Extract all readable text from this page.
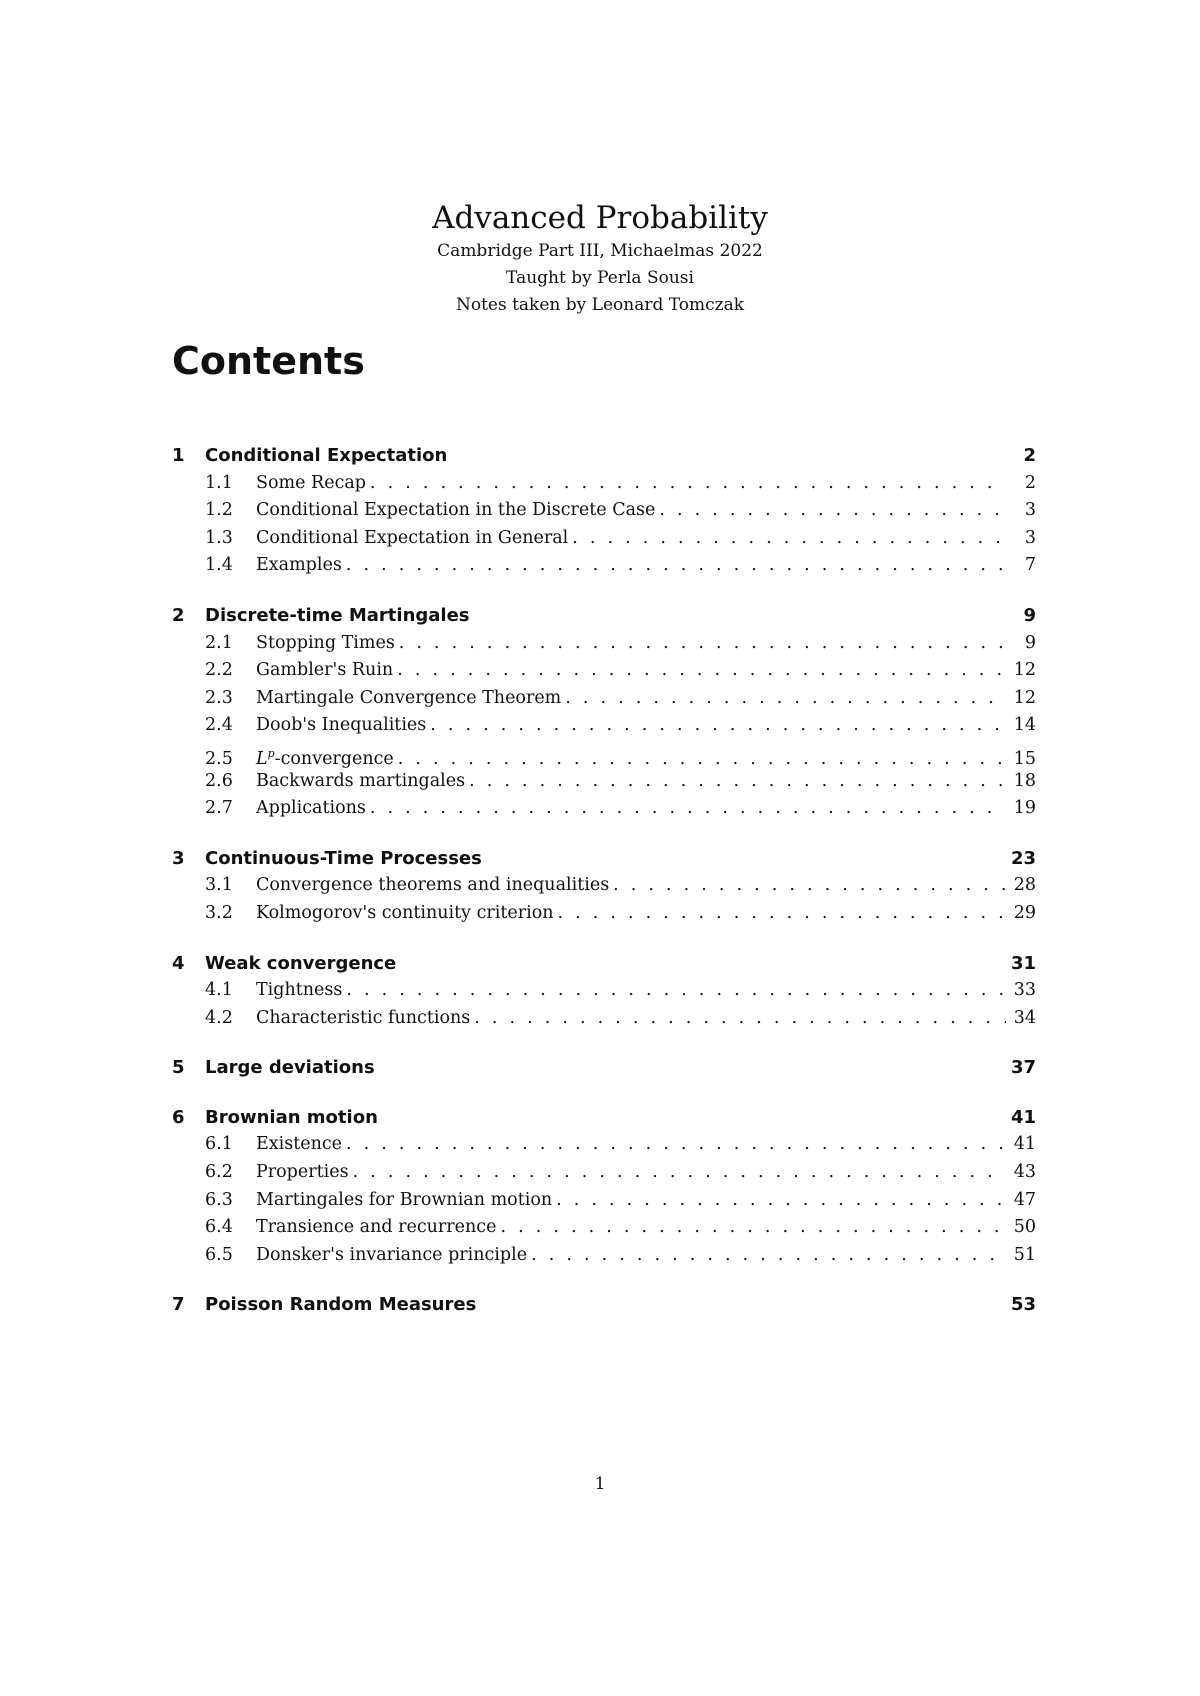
Advanced Probability

Cambridge Part III, Michaelmas 2022

Taught by Perla Sousi

Notes taken by Leonard Tomczak

Contents
1	Conditional Expectation	2
1.1	Some Recap . . .	2
1.2	Conditional Expectation in the Discrete Case . . .	3
1.3	Conditional Expectation in General . . .	3
1.4	Examples . . .	7
2	Discrete-time Martingales	9
2.1	Stopping Times . . .	9
2.2	Gambler's Ruin . . .	12
2.3	Martingale Convergence Theorem . . .	12
2.4	Doob's Inequalities . . .	14
2.5	$L^p$-convergence . . .	15
2.6	Backwards martingales . . .	18
2.7	Applications . . .	19
3	Continuous-Time Processes	23
3.1	Convergence theorems and inequalities . . .	28
3.2	Kolmogorov's continuity criterion . . .	29
4	Weak convergence	31
4.1	Tightness . . .	33
4.2	Characteristic functions . . .	34
5	Large deviations	37
6	Brownian motion	41
6.1	Existence . . .	41
6.2	Properties . . .	43
6.3	Martingales for Brownian motion . . .	47
6.4	Transience and recurrence . . .	50
6.5	Donsker's invariance principle . . .	51
7	Poisson Random Measures	53
1
